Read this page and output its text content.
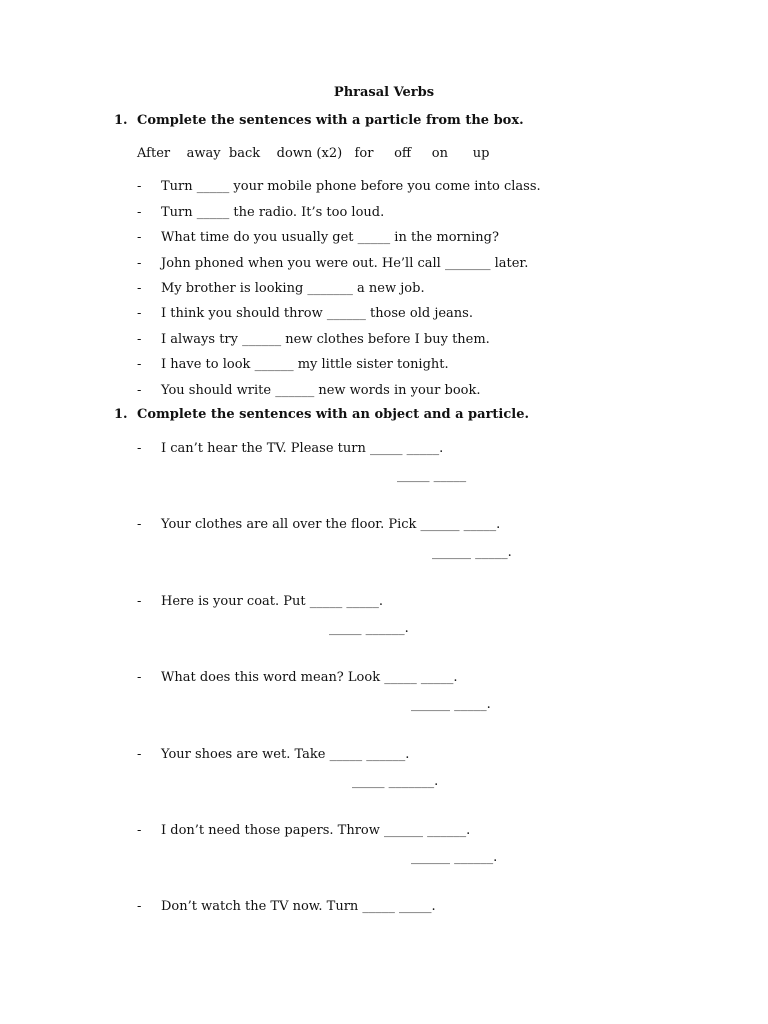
Phrasal Verbs
1. Complete the sentences with a particle from the box.
After    away  back    down (x2)   for     off     on      up
- Turn _____ your mobile phone before you come into class.
- Turn _____ the radio. It’s too loud.
- What time do you usually get _____ in the morning?
- John phoned when you were out. He’ll call _______ later.
- My brother is looking _______ a new job.
- I think you should throw ______ those old jeans.
- I always try ______ new clothes before I buy them.
- I have to look ______ my little sister tonight.
- You should write ______ new words in your book.
1. Complete the sentences with an object and a particle.
- I can’t hear the TV. Please turn _____ _____.
_____ _____
- Your clothes are all over the floor. Pick ______ _____.
______ _____.
- Here is your coat. Put _____ _____.
_____ ______.
- What does this word mean? Look _____ _____.
______ _____.
- Your shoes are wet. Take _____ ______.
_____ _______.
- I don’t need those papers. Throw ______ ______.
______ ______.
- Don’t watch the TV now. Turn _____ _____.
